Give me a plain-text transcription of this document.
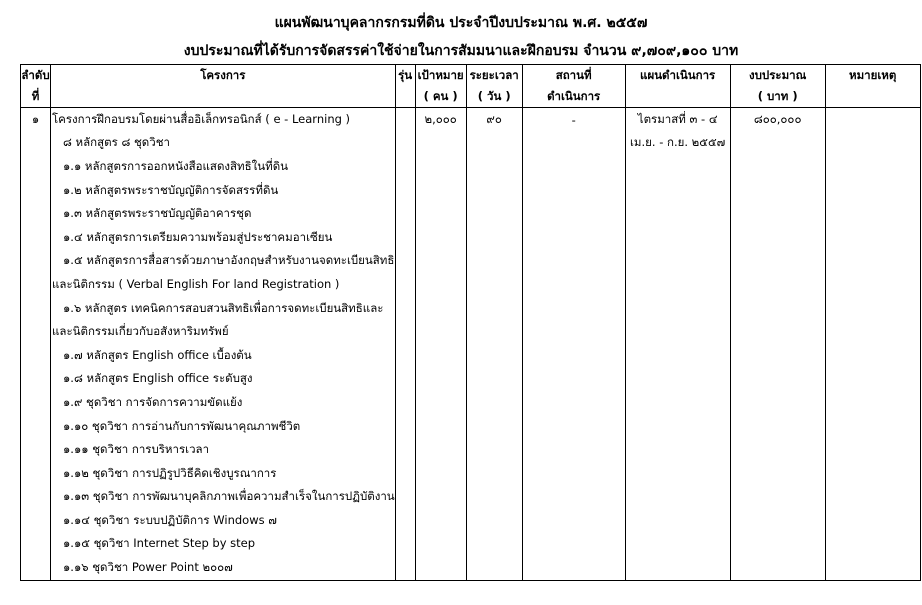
แผนพัฒนาบุคลากรกรมที่ดิน ประจำปีงบประมาณ พ.ศ. ๒๕๕๗
งบประมาณที่ได้รับการจัดสรรค่าใช้จ่ายในการสัมมนาและฝึกอบรม จำนวน ๙,๗๐๙,๑๐๐ บาท
ลำดับ	โครงการ	รุ่น	เป้าหมาย	ระยะเวลา	สถานที่	แผนดำเนินการ	งบประมาณ	หมายเหตุ
ที่			( คน )	( วัน )	ดำเนินการ		( บาท )	
๑	โครงการฝึกอบรมโดยผ่านสื่ออิเล็กทรอนิกส์ ( e - Learning )		๒,๐๐๐	๙๐	-	ไตรมาสที่ ๓ - ๔	๘๐๐,๐๐๐	
	๘ หลักสูตร ๘ ชุดวิชา					เม.ย. - ก.ย. ๒๕๕๗		
	๑.๑ หลักสูตรการออกหนังสือแสดงสิทธิในที่ดิน							
	๑.๒ หลักสูตรพระราชบัญญัติการจัดสรรที่ดิน							
	๑.๓ หลักสูตรพระราชบัญญัติอาคารชุด							
	๑.๔ หลักสูตรการเตรียมความพร้อมสู่ประชาคมอาเซียน							
	๑.๕ หลักสูตรการสื่อสารด้วยภาษาอังกฤษสำหรับงานจดทะเบียนสิทธิ							
	และนิติกรรม ( Verbal English For land Registration )							
	๑.๖ หลักสูตร เทคนิคการสอบสวนสิทธิเพื่อการจดทะเบียนสิทธิและ							
	และนิติกรรมเกี่ยวกับอสังหาริมทรัพย์							
	๑.๗ หลักสูตร English office เบื้องต้น							
	๑.๘ หลักสูตร English office ระดับสูง							
	๑.๙ ชุดวิชา การจัดการความขัดแย้ง							
	๑.๑๐ ชุดวิชา การอ่านกับการพัฒนาคุณภาพชีวิต							
	๑.๑๑ ชุดวิชา การบริหารเวลา							
	๑.๑๒ ชุดวิชา การปฏิรูปวิธีคิดเชิงบูรณาการ							
	๑.๑๓ ชุดวิชา การพัฒนาบุคลิกภาพเพื่อความสำเร็จในการปฏิบัติงาน							
	๑.๑๔ ชุดวิชา ระบบปฏิบัติการ Windows ๗							
	๑.๑๕ ชุดวิชา Internet Step by step							
	๑.๑๖ ชุดวิชา Power Point ๒๐๐๗							
